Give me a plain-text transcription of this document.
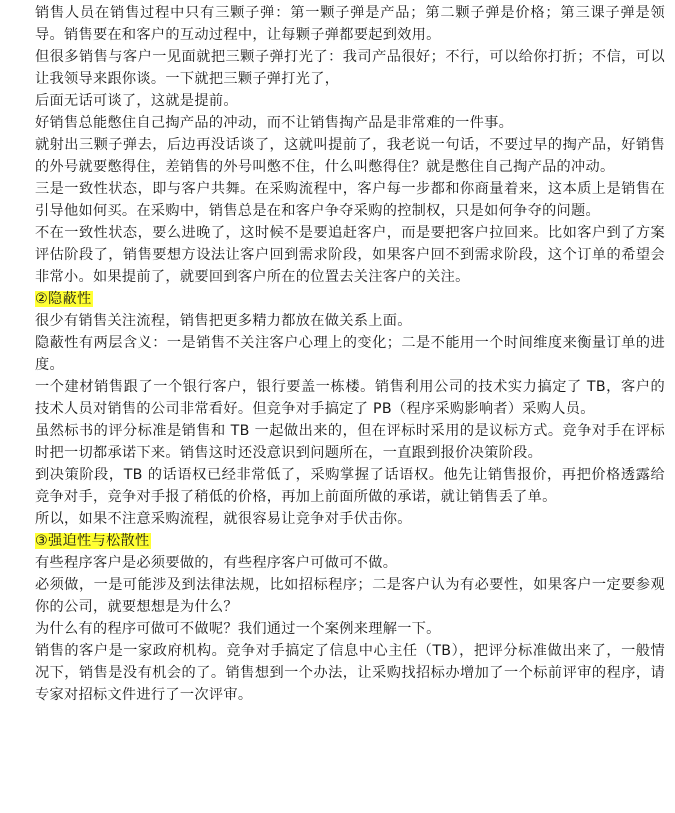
销售人员在销售过程中只有三颗子弹：第一颗子弹是产品；第二颗子弹是价格；第三课子弹是领导。销售要在和客户的互动过程中，让每颗子弹都要起到效用。

但很多销售与客户一见面就把三颗子弹打光了：我司产品很好；不行，可以给你打折；不信，可以让我领导来跟你谈。一下就把三颗子弹打光了，

后面无话可谈了，这就是提前。

好销售总能憋住自己掏产品的冲动，而不让销售掏产品是非常难的一件事。

就射出三颗子弹去，后边再没话谈了，这就叫提前了，我老说一句话，不要过早的掏产品，好销售的外号就要憋得住，差销售的外号叫憋不住，什么叫憋得住？就是憋住自己掏产品的冲动。

三是一致性状态，即与客户共舞。在采购流程中，客户每一步都和你商量着来，这本质上是销售在引导他如何买。在采购中，销售总是在和客户争夺采购的控制权，只是如何争夺的问题。

不在一致性状态，要么进晚了，这时候不是要追赶客户，而是要把客户拉回来。比如客户到了方案评估阶段了，销售要想方设法让客户回到需求阶段，如果客户回不到需求阶段，这个订单的希望会非常小。如果提前了，就要回到客户所在的位置去关注客户的关注。

②隐蔽性

很少有销售关注流程，销售把更多精力都放在做关系上面。

隐蔽性有两层含义：一是销售不关注客户心理上的变化；二是不能用一个时间维度来衡量订单的进度。

一个建材销售跟了一个银行客户，银行要盖一栋楼。销售利用公司的技术实力搞定了 TB，客户的技术人员对销售的公司非常看好。但竞争对手搞定了 PB（程序采购影响者）采购人员。

虽然标书的评分标准是销售和 TB 一起做出来的，但在评标时采用的是议标方式。竞争对手在评标时把一切都承诺下来。销售这时还没意识到问题所在，一直跟到报价决策阶段。

到决策阶段，TB 的话语权已经非常低了，采购掌握了话语权。他先让销售报价，再把价格透露给竞争对手，竞争对手报了稍低的价格，再加上前面所做的承诺，就让销售丢了单。

所以，如果不注意采购流程，就很容易让竞争对手伏击你。

③强迫性与松散性

有些程序客户是必须要做的，有些程序客户可做可不做。

必须做，一是可能涉及到法律法规，比如招标程序；二是客户认为有必要性，如果客户一定要参观你的公司，就要想想是为什么？

为什么有的程序可做可不做呢？我们通过一个案例来理解一下。

销售的客户是一家政府机构。竞争对手搞定了信息中心主任（TB），把评分标准做出来了，一般情况下，销售是没有机会的了。销售想到一个办法，让采购找招标办增加了一个标前评审的程序，请专家对招标文件进行了一次评审。
